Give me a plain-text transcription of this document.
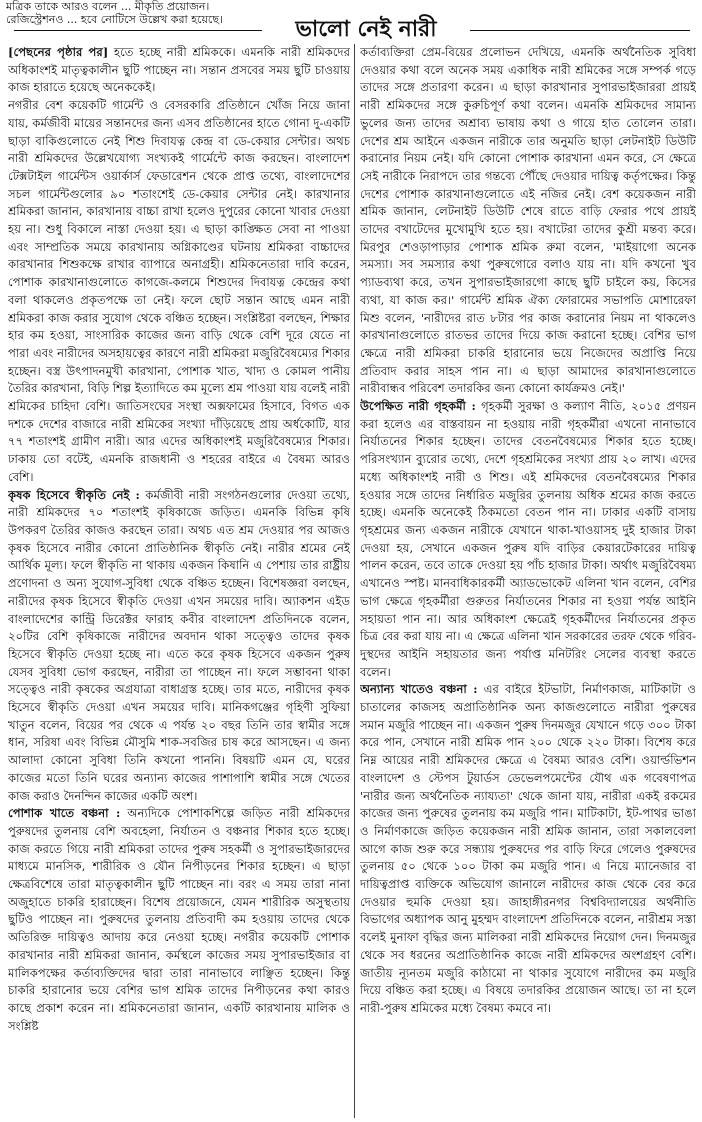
মত্রিক তাকে আরও বলেন ... মীকৃতি প্রয়োজন। রেজিস্ট্রেশনও ... হবে নোটিসে উল্লেখ করা হয়েছে।	ভালো নেই নারী

[পেছনের পৃষ্ঠার পর] হতে হচ্ছে নারী শ্রমিককে। এমনকি নারী শ্রমিকদের অধিকাংশই মাতৃত্বকালীন ছুটি পাচ্ছেন না। সন্তান প্রসবের সময় ছুটি চাওয়ায় কাজ হারাতে হয়েছে অনেককেই।

নগরীর বেশ কয়েকটি গার্মেন্ট ও বেসরকারি প্রতিষ্ঠানে খোঁজ নিয়ে জানা যায়, কর্মজীবী মায়ের সন্তানদের জন্য এসব প্রতিষ্ঠানের হাতে গোনা দু-একটি ছাড়া বাকিগুলোতে নেই শিশু দিবাযত্ন কেন্দ্র বা ডে-কেয়ার সেন্টার। অথচ নারী শ্রমিকদের উল্লেখযোগ্য সংখ্যকই গার্মেন্টে কাজ করছেন। বাংলাদেশ টেক্সটাইল গার্মেন্টস ওয়ার্কার্স ফেডারেশন থেকে প্রাপ্ত তথ্যে, বাংলাদেশের সচল গার্মেন্টগুলোর ৯০ শতাংশেই ডে-কেয়ার সেন্টার নেই। কারখানার শ্রমিকরা জানান, কারখানায় বাচ্চা রাখা হলেও দুপুরের কোনো খাবার দেওয়া হয় না। শুধু বিকালে নাস্তা দেওয়া হয়। এ ছাড়া কাঙ্ক্ষিত সেবা না পাওয়া এবং সাম্প্রতিক সময়ে কারখানায় অগ্নিকাণ্ডের ঘটনায় শ্রমিকরা বাচ্চাদের কারখানার শিশুকক্ষে রাখার ব্যাপারে অনাগ্রহী। শ্রমিকনেতারা দাবি করেন, পোশাক কারখানাগুলোতে কাগজে-কলমে শিশুদের দিবাযত্ন কেন্দ্রের কথা বলা থাকলেও প্রকৃতপক্ষে তা নেই। ফলে ছোট সন্তান আছে এমন নারী শ্রমিকরা কাজ করার সুযোগ থেকে বঞ্চিত হচ্ছেন। সংশ্লিষ্টরা বলছেন, শিক্ষার হার কম হওয়া, সাংসারিক কাজের জন্য বাড়ি থেকে বেশি দূরে যেতে না পারা এবং নারীদের অসহায়ত্বের কারণে নারী শ্রমিকরা মজুরিবৈষম্যের শিকার হচ্ছেন। বস্ত্র উৎপাদনমুখী কারখানা, পোশাক খাত, খাদ্য ও কোমল পানীয় তৈরির কারখানা, বিড়ি শিল্প ইত্যাদিতে কম মূল্যে শ্রম পাওয়া যায় বলেই নারী শ্রমিকের চাহিদা বেশি। জাতিসংঘের সংস্থা অক্সফামের হিসাবে, বিগত এক দশকে দেশের বাজারে নারী শ্রমিকের সংখ্যা দাঁড়িয়েছে প্রায় অর্ধকোটি, যার ৭৭ শতাংশই গ্রামীণ নারী। আর এদের অধিকাংশই মজুরিবৈষম্যের শিকার। ঢাকায় তো বটেই, এমনকি রাজধানী ও শহরের বাইরে এ বৈষম্য আরও বেশি।

কৃষক হিসেবে স্বীকৃতি নেই : কর্মজীবী নারী সংগঠনগুলোর দেওয়া তথ্যে, নারী শ্রমিকদের ৭০ শতাংশই কৃষিকাজে জড়িত। এমনকি বিভিন্ন কৃষি উপকরণ তৈরির কাজও করছেন তারা। অথচ এত শ্রম দেওয়ার পর আজও কৃষক হিসেবে নারীর কোনো প্রাতিষ্ঠানিক স্বীকৃতি নেই। নারীর শ্রমের নেই আর্থিক মূল্য। ফলে স্বীকৃতি না থাকায় একজন কিষানি এ পেশায় তার রাষ্ট্রীয় প্রণোদনা ও অন্য সুযোগ-সুবিধা থেকে বঞ্চিত হচ্ছেন। বিশেষজ্ঞরা বলছেন, নারীদের কৃষক হিসেবে স্বীকৃতি দেওয়া এখন সময়ের দাবি। অ্যাকশন এইড বাংলাদেশের কান্ট্রি ডিরেক্টর ফারাহ কবীর বাংলাদেশ প্রতিদিনকে বলেন, ২০টির বেশি কৃষিকাজে নারীদের অবদান থাকা সত্ত্বেও তাদের কৃষক হিসেবে স্বীকৃতি দেওয়া হচ্ছে না। এতে করে কৃষক হিসেবে একজন পুরুষ যেসব সুবিধা ভোগ করছেন, নারীরা তা পাচ্ছেন না। ফলে সম্ভাবনা থাকা সত্ত্বেও নারী কৃষকের অগ্রযাত্রা বাধাগ্রস্ত হচ্ছে। তার মতে, নারীদের কৃষক হিসেবে স্বীকৃতি দেওয়া এখন সময়ের দাবি। মানিকগঞ্জের গৃহিণী সুফিয়া খাতুন বলেন, বিয়ের পর থেকে এ পর্যন্ত ২০ বছর তিনি তার স্বামীর সঙ্গে ধান, সরিষা এবং বিভিন্ন মৌসুমি শাক-সবজির চাষ করে আসছেন। এ জন্য আলাদা কোনো সুবিধা তিনি কখনো পাননি। বিষয়টি এমন যে, ঘরের কাজের মতো তিনি ঘরের অন্যান্য কাজের পাশাপাশি স্বামীর সঙ্গে খেতের কাজ করাও দৈনন্দিন কাজের একটি অংশ।

পোশাক খাতে বঞ্চনা : অন্যদিকে পোশাকশিল্পে জড়িত নারী শ্রমিকদের পুরুষদের তুলনায় বেশি অবহেলা, নির্যাতন ও বঞ্চনার শিকার হতে হচ্ছে। কাজ করতে গিয়ে নারী শ্রমিকরা তাদের পুরুষ সহকর্মী ও সুপারভাইজারদের মাধ্যমে মানসিক, শারীরিক ও যৌন নিপীড়নের শিকার হচ্ছেন। এ ছাড়া ক্ষেত্রবিশেষে তারা মাতৃত্বকালীন ছুটি পাচ্ছেন না। বরং এ সময় তারা নানা অজুহাতে চাকরি হারাচ্ছেন। বিশেষ প্রয়োজনে, যেমন শারীরিক অসুস্থতায় ছুটিও পাচ্ছেন না। পুরুষদের তুলনায় প্রতিবাদী কম হওয়ায় তাদের থেকে অতিরিক্ত দায়িত্বও আদায় করে নেওয়া হচ্ছে। নগরীর কয়েকটি পোশাক কারখানার নারী শ্রমিকরা জানান, কর্মস্থলে কাজের সময় সুপারভাইজার বা মালিকপক্ষের কর্তাব্যক্তিদের দ্বারা তারা নানাভাবে লাঞ্ছিত হচ্ছেন। কিন্তু চাকরি হারানোর ভয়ে বেশির ভাগ শ্রমিক তাদের নিপীড়নের কথা কারও কাছে প্রকাশ করেন না। শ্রমিকনেতারা জানান, একটি কারখানায় মালিক ও সংশ্লিষ্ট

কর্তাব্যক্তিরা প্রেম-বিয়ের প্রলোভন দেখিয়ে, এমনকি অর্থনৈতিক সুবিধা দেওয়ার কথা বলে অনেক সময় একাধিক নারী শ্রমিকের সঙ্গে সম্পর্ক গড়ে তাদের সঙ্গে প্রতারণা করেন। এ ছাড়া কারখানার সুপারভাইজাররা প্রায়ই নারী শ্রমিকদের সঙ্গে কুরুচিপূর্ণ কথা বলেন। এমনকি শ্রমিকদের সামান্য ভুলের জন্য তাদের অশ্রাব্য ভাষায় কথা ও গায়ে হাত তোলেন তারা। দেশের শ্রম আইনে একজন নারীকে তার অনুমতি ছাড়া লেটনাইট ডিউটি করানোর নিয়ম নেই। যদি কোনো পোশাক কারখানা এমন করে, সে ক্ষেত্রে সেই নারীকে নিরাপদে তার গন্তব্যে পৌঁছে দেওয়ার দায়িত্ব কর্তৃপক্ষের। কিন্তু দেশের পোশাক কারখানাগুলোতে এই নজির নেই। বেশ কয়েকজন নারী শ্রমিক জানান, লেটনাইট ডিউটি শেষে রাতে বাড়ি ফেরার পথে প্রায়ই তাদের বখাটেদের মুখোমুখি হতে হয়। বখাটেরা তাদের কুশ্রী মন্তব্য করে। মিরপুর শেওড়াপাড়ার পোশাক শ্রমিক রুমা বলেন, 'মাইয়াগো অনেক সমস্যা। সব সমস্যার কথা পুরুষগোরে বলাও যায় না। যদি কখনো খুব প্যাডব্যথা করে, তখন সুপারভাইজারগো কাছে ছুটি চাইলে কয়, কিসের ব্যথা, যা কাজ কর।' গার্মেন্ট শ্রমিক ঐক্য ফোরামের সভাপতি মোশারেফা মিশু বলেন, 'নারীদের রাত ৮টার পর কাজ করানোর নিয়ম না থাকলেও কারখানাগুলোতে রাতভর তাদের দিয়ে কাজ করানো হচ্ছে। বেশির ভাগ ক্ষেত্রে নারী শ্রমিকরা চাকরি হারানোর ভয়ে নিজেদের অপ্রাপ্তি নিয়ে প্রতিবাদ করার সাহস পান না। এ ছাড়া আমাদের কারখানাগুলোতে নারীবান্ধব পরিবেশ তদারকির জন্য কোনো কার্যক্রমও নেই।'

উপেক্ষিত নারী গৃহকর্মী : গৃহকর্মী সুরক্ষা ও কল্যাণ নীতি, ২০১৫ প্রণয়ন করা হলেও এর বাস্তবায়ন না হওয়ায় নারী গৃহকর্মীরা এখনো নানাভাবে নির্যাতনের শিকার হচ্ছেন। তাদের বেতনবৈষম্যের শিকার হতে হচ্ছে। পরিসংখ্যান ব্যুরোর তথ্যে, দেশে গৃহশ্রমিকের সংখ্যা প্রায় ২০ লাখ। এদের মধ্যে অধিকাংশই নারী ও শিশু। এই শ্রমিকদের বেতনবৈষম্যের শিকার হওয়ার সঙ্গে তাদের নির্ধারিত মজুরির তুলনায় অধিক শ্রমের কাজ করতে হচ্ছে। এমনকি অনেকেই ঠিকমতো বেতন পান না। ঢাকার একটি বাসায় গৃহশ্রমের জন্য একজন নারীকে যেখানে থাকা-খাওয়াসহ দুই হাজার টাকা দেওয়া হয়, সেখানে একজন পুরুষ যদি বাড়ির কেয়ারটেকারের দায়িত্ব পালন করেন, তবে তাকে দেওয়া হয় পাঁচ হাজার টাকা। অর্থাৎ মজুরিবৈষম্য এখানেও স্পষ্ট। মানবাধিকারকর্মী অ্যাডভোকেট এলিনা খান বলেন, বেশির ভাগ ক্ষেত্রে গৃহকর্মীরা গুরুতর নির্যাতনের শিকার না হওয়া পর্যন্ত আইনি সহায়তা পান না। আর অধিকাংশ ক্ষেত্রেই গৃহকর্মীদের নির্যাতনের প্রকৃত চিত্র বের করা যায় না। এ ক্ষেত্রে এলিনা খান সরকারের তরফ থেকে গরিব-দুস্থদের আইনি সহায়তার জন্য পর্যাপ্ত মনিটরিং সেলের ব্যবস্থা করতে বলেন।

অন্যান্য খাতেও বঞ্চনা : এর বাইরে ইটভাটা, নির্মাণকাজ, মাটিকাটা ও চাতালের কাজসহ অপ্রাতিষ্ঠানিক অন্য কাজগুলোতে নারীরা পুরুষের সমান মজুরি পাচ্ছেন না। একজন পুরুষ দিনমজুর যেখানে গড়ে ৩০০ টাকা করে পান, সেখানে নারী শ্রমিক পান ২০০ থেকে ২২০ টাকা। বিশেষ করে নিম্ন আয়ের নারী শ্রমিকদের ক্ষেত্রে এ বৈষম্য আরও বেশি। ওয়ার্ল্ডভিশন বাংলাদেশ ও স্টেপস টুয়ার্ডস ডেভেলপমেন্টের যৌথ এক গবেষণাপত্র 'নারীর জন্য অর্থনৈতিক ন্যায্যতা' থেকে জানা যায়, নারীরা একই রকমের কাজের জন্য পুরুষের তুলনায় কম মজুরি পান। মাটিকাটা, ইট-পাথর ভাঙা ও নির্মাণকাজে জড়িত কয়েকজন নারী শ্রমিক জানান, তারা সকালবেলা আগে কাজ শুরু করে সন্ধ্যায় পুরুষদের পর বাড়ি ফিরে গেলেও পুরুষদের তুলনায় ৫০ থেকে ১০০ টাকা কম মজুরি পান। এ নিয়ে ম্যানেজার বা দায়িত্বপ্রাপ্ত ব্যক্তিকে অভিযোগ জানালে নারীদের কাজ থেকে বের করে দেওয়ার হুমকি দেওয়া হয়। জাহাঙ্গীরনগর বিশ্ববিদ্যালয়ের অর্থনীতি বিভাগের অধ্যাপক আনু মুহম্মদ বাংলাদেশ প্রতিদিনকে বলেন, নারীশ্রম সস্তা বলেই মুনাফা বৃদ্ধির জন্য মালিকরা নারী শ্রমিকদের নিয়োগ দেন। দিনমজুর থেকে সব ধরনের অপ্রাতিষ্ঠানিক কাজে নারী শ্রমিকদের অংশগ্রহণ বেশি। জাতীয় ন্যূনতম মজুরি কাঠামো না থাকার সুযোগে নারীদের কম মজুরি দিয়ে বঞ্চিত করা হচ্ছে। এ বিষয়ে তদারকির প্রয়োজন আছে। তা না হলে নারী-পুরুষ শ্রমিকের মধ্যে বৈষম্য কমবে না।
